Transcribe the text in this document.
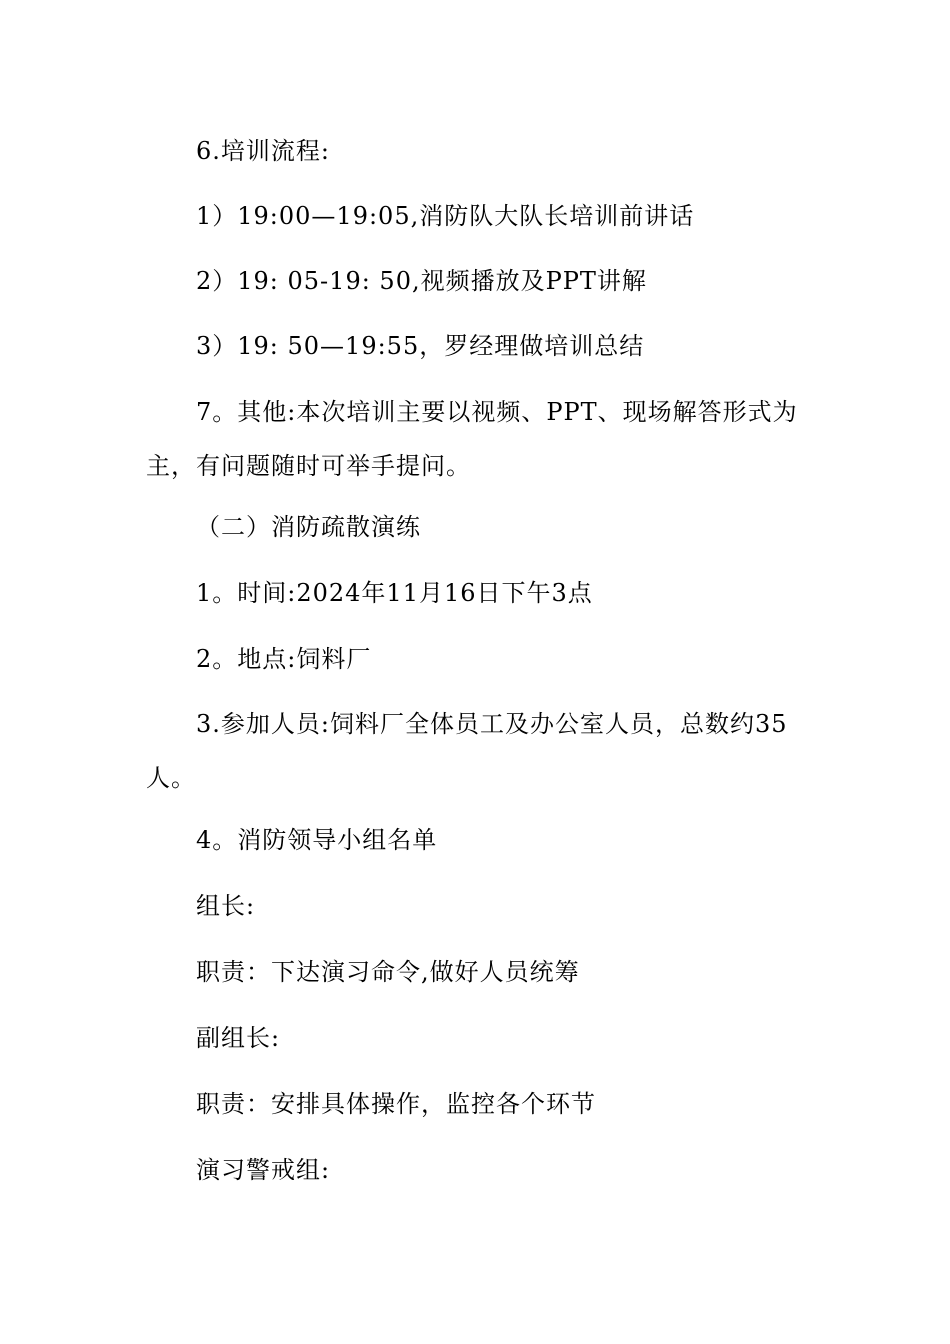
6.培训流程:
1）19:00—19:05,消防队大队长培训前讲话
2）19: 05-19: 50,视频播放及PPT讲解
3）19: 50—19:55，罗经理做培训总结
7。其他:本次培训主要以视频、PPT、现场解答形式为主，有问题随时可举手提问。
（二）消防疏散演练
1。时间:2024年11月16日下午3点
2。地点:饲料厂
3.参加人员:饲料厂全体员工及办公室人员，总数约35人。
4。消防领导小组名单
组长:
职责：下达演习命令,做好人员统筹
副组长:
职责：安排具体操作，监控各个环节
演习警戒组:
